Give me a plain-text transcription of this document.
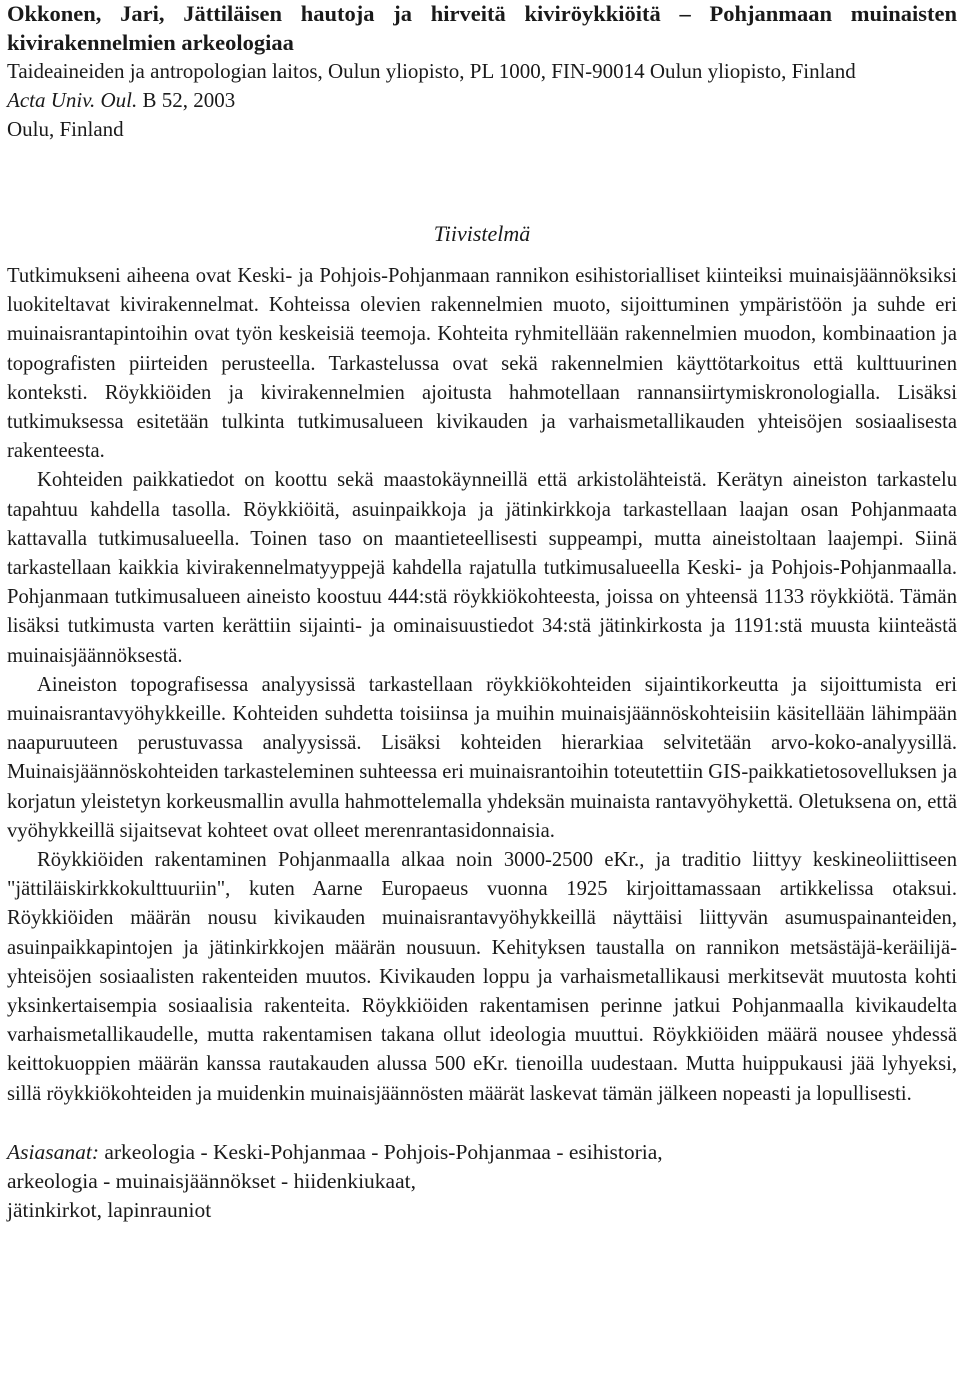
Okkonen, Jari, Jättiläisen hautoja ja hirveitä kiviröykkiöitä – Pohjanmaan muinaisten kivirakennelmien arkeologiaa
Taideaineiden ja antropologian laitos, Oulun yliopisto, PL 1000, FIN-90014 Oulun yliopisto, Finland
Acta Univ. Oul. B 52, 2003
Oulu, Finland
Tiivistelmä

Tutkimukseni aiheena ovat Keski- ja Pohjois-Pohjanmaan rannikon esihistorialliset kiinteiksi muinaisjäännöksiksi luokiteltavat kivirakennelmat. Kohteissa olevien rakennelmien muoto, sijoittuminen ympäristöön ja suhde eri muinaisrantapintoihin ovat työn keskeisiä teemoja. Kohteita ryhmitellään rakennelmien muodon, kombinaation ja topografisten piirteiden perusteella. Tarkastelussa ovat sekä rakennelmien käyttötarkoitus että kulttuurinen konteksti. Röykkiöiden ja kivirakennelmien ajoitusta hahmotellaan rannansiirtymiskronologialla. Lisäksi tutkimuksessa esitetään tulkinta tutkimusalueen kivikauden ja varhaismetallikauden yhteisöjen sosiaalisesta rakenteesta.

Kohteiden paikkatiedot on koottu sekä maastokäynneillä että arkistolähteistä. Kerätyn aineiston tarkastelu tapahtuu kahdella tasolla. Röykkiöitä, asuinpaikkoja ja jätinkirkkoja tarkastellaan laajan osan Pohjanmaata kattavalla tutkimusalueella. Toinen taso on maantieteellisesti suppeampi, mutta aineistoltaan laajempi. Siinä tarkastellaan kaikkia kivirakennelmatyyppejä kahdella rajatulla tutkimusalueella Keski- ja Pohjois-Pohjanmaalla. Pohjanmaan tutkimusalueen aineisto koostuu 444:stä röykkiökohteesta, joissa on yhteensä 1133 röykkiötä. Tämän lisäksi tutkimusta varten kerättiin sijainti- ja ominaisuustiedot 34:stä jätinkirkosta ja 1191:stä muusta kiinteästä muinaisjäännöksestä.

Aineiston topografisessa analyysissä tarkastellaan röykkiökohteiden sijaintikorkeutta ja sijoittumista eri muinaisrantavyöhykkeille. Kohteiden suhdetta toisiinsa ja muihin muinaisjäännöskohteisiin käsitellään lähimpään naapuruuteen perustuvassa analyysissä. Lisäksi kohteiden hierarkiaa selvitetään arvo-koko-analyysillä. Muinaisjäännöskohteiden tarkasteleminen suhteessa eri muinaisrantoihin toteutettiin GIS-paikkatietosovelluksen ja korjatun yleistetyn korkeusmallin avulla hahmottelemalla yhdeksän muinaista rantavyöhykettä. Oletuksena on, että vyöhykkeillä sijaitsevat kohteet ovat olleet merenrantasidonnaisia.

Röykkiöiden rakentaminen Pohjanmaalla alkaa noin 3000-2500 eKr., ja traditio liittyy keskineoliittiseen "jättiläiskirkkokulttuuriin", kuten Aarne Europaeus vuonna 1925 kirjoittamassaan artikkelissa otaksui. Röykkiöiden määrän nousu kivikauden muinaisrantavyöhykkeillä näyttäisi liittyvän asumuspainanteiden, asuinpaikkapintojen ja jätinkirkkojen määrän nousuun. Kehityksen taustalla on rannikon metsästäjä-keräilijä-yhteisöjen sosiaalisten rakenteiden muutos. Kivikauden loppu ja varhaismetallikausi merkitsevät muutosta kohti yksinkertaisempia sosiaalisia rakenteita. Röykkiöiden rakentamisen perinne jatkui Pohjanmaalla kivikaudelta varhaismetallikaudelle, mutta rakentamisen takana ollut ideologia muuttui. Röykkiöiden määrä nousee yhdessä keittokuoppien määrän kanssa rautakauden alussa 500 eKr. tienoilla uudestaan. Mutta huippukausi jää lyhyeksi, sillä röykkiökohteiden ja muidenkin muinaisjäännösten määrät laskevat tämän jälkeen nopeasti ja lopullisesti.

Asiasanat: arkeologia - Keski-Pohjanmaa - Pohjois-Pohjanmaa - esihistoria,
arkeologia - muinaisjäännökset - hiidenkiukaat,
jätinkirkot, lapinrauniot
